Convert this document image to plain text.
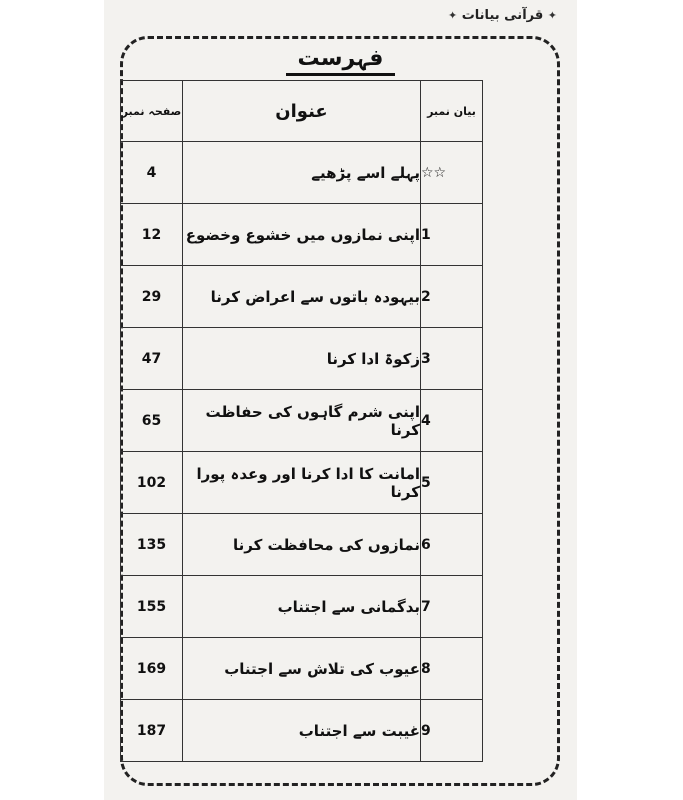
✦ قرآنی بیانات ✦
فہرست
صفحہ نمبر	عنوان	بیان نمبر
4	پہلے اسے پڑھیے	☆☆
12	اپنی نمازوں میں خشوع وخضوع	1
29	بیہودہ باتوں سے اعراض کرنا	2
47	زکوۃ ادا کرنا	3
65	اپنی شرم گاہوں کی حفاظت کرنا	4
102	امانت کا ادا کرنا اور وعدہ پورا کرنا	5
135	نمازوں کی محافظت کرنا	6
155	بدگمانی سے اجتناب	7
169	عیوب کی تلاش سے اجتناب	8
187	غیبت سے اجتناب	9
